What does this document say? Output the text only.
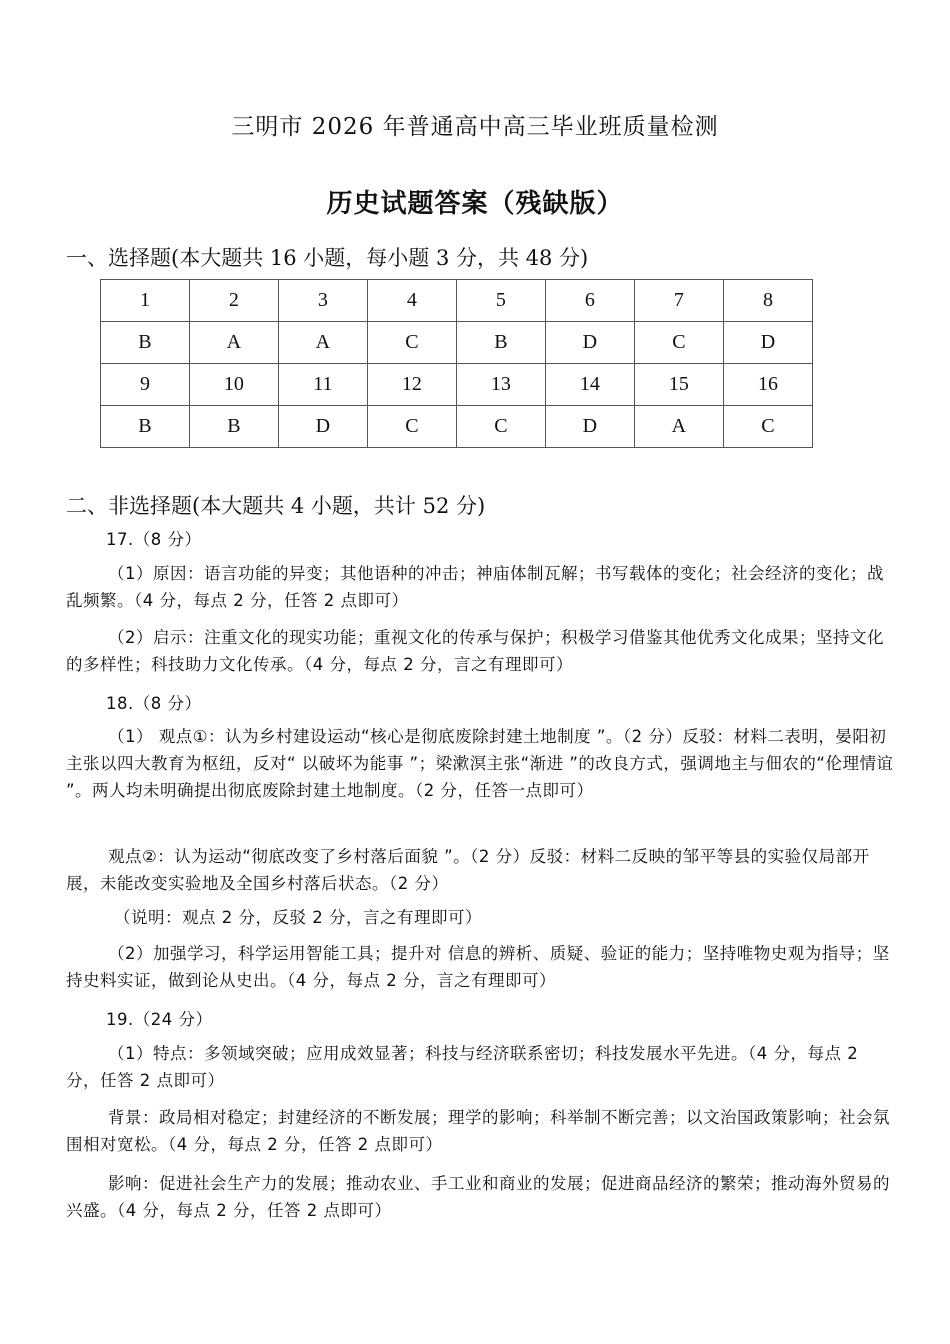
三明市 2026 年普通高中高三毕业班质量检测
历史试题答案（残缺版）
一、选择题(本大题共 16 小题，每小题 3 分，共 48 分)
1	2	3	4	5	6	7	8
B	A	A	C	B	D	C	D
9	10	11	12	13	14	15	16
B	B	D	C	C	D	A	C
二、非选择题(本大题共 4 小题，共计 52 分)
17.（8 分）
（1）原因：语言功能的异变；其他语种的冲击；神庙体制瓦解；书写载体的变化；社会经济的变化；战乱频繁。（4 分，每点 2 分，任答 2 点即可）
（2）启示：注重文化的现实功能；重视文化的传承与保护；积极学习借鉴其他优秀文化成果；坚持文化的多样性；科技助力文化传承。（4 分，每点 2 分，言之有理即可）
18.（8 分）
（1） 观点①：认为乡村建设运动“核心是彻底废除封建土地制度 ”。（2 分）反驳：材料二表明，晏阳初主张以四大教育为枢纽，反对“ 以破坏为能事 ”；梁漱溟主张“渐进 ”的改良方式，强调地主与佃农的“伦理情谊 ”。两人均未明确提出彻底废除封建土地制度。（2 分，任答一点即可）
观点②：认为运动“彻底改变了乡村落后面貌 ”。（2 分）反驳：材料二反映的邹平等县的实验仅局部开展，未能改变实验地及全国乡村落后状态。（2 分）
（说明：观点 2 分，反驳 2 分，言之有理即可）
（2）加强学习，科学运用智能工具；提升对 信息的辨析、质疑、验证的能力；坚持唯物史观为指导；坚持史料实证，做到论从史出。（4 分，每点 2 分，言之有理即可）
19.（24 分）
（1）特点：多领域突破；应用成效显著；科技与经济联系密切；科技发展水平先进。（4 分，每点 2 分，任答 2 点即可）
背景：政局相对稳定；封建经济的不断发展；理学的影响；科举制不断完善；以文治国政策影响；社会氛围相对宽松。（4 分，每点 2 分，任答 2 点即可）
影响：促进社会生产力的发展；推动农业、手工业和商业的发展；促进商品经济的繁荣；推动海外贸易的兴盛。（4 分，每点 2 分，任答 2 点即可）
